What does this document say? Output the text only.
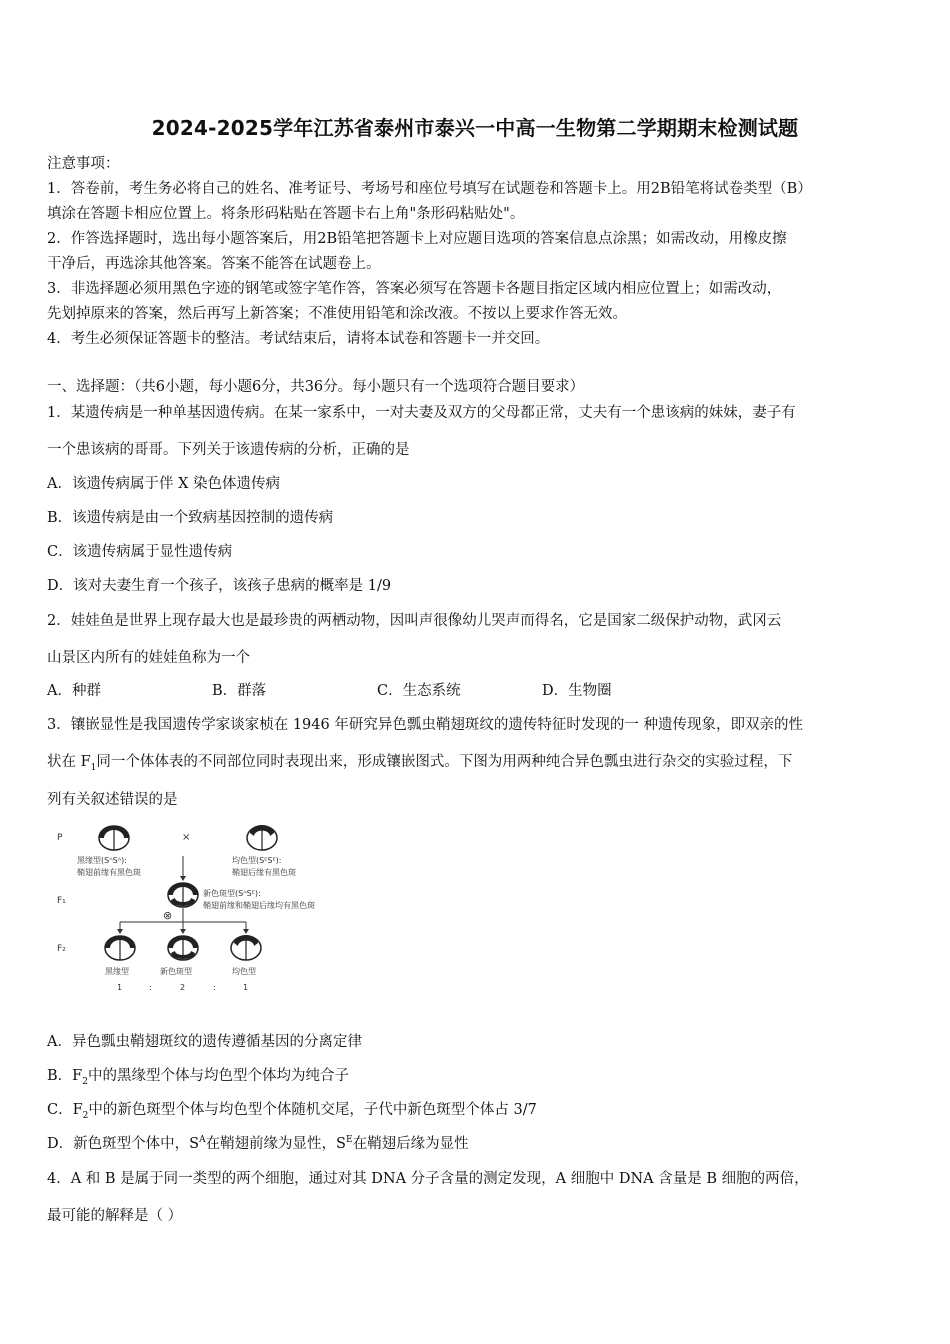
2024-2025学年江苏省泰州市泰兴一中高一生物第二学期期末检测试题
注意事项：
1．答卷前，考生务必将自己的姓名、准考证号、考场号和座位号填写在试题卷和答题卡上。用2B铅笔将试卷类型（B）
填涂在答题卡相应位置上。将条形码粘贴在答题卡右上角"条形码粘贴处"。
2．作答选择题时，选出每小题答案后，用2B铅笔把答题卡上对应题目选项的答案信息点涂黑；如需改动，用橡皮擦
干净后，再选涂其他答案。答案不能答在试题卷上。
3．非选择题必须用黑色字迹的钢笔或签字笔作答，答案必须写在答题卡各题目指定区域内相应位置上；如需改动，
先划掉原来的答案，然后再写上新答案；不准使用铅笔和涂改液。不按以上要求作答无效。
4．考生必须保证答题卡的整洁。考试结束后，请将本试卷和答题卡一并交回。
一、选择题：（共6小题，每小题6分，共36分。每小题只有一个选项符合题目要求）
1．某遗传病是一种单基因遗传病。在某一家系中，一对夫妻及双方的父母都正常，丈夫有一个患该病的妹妹，妻子有
一个患该病的哥哥。下列关于该遗传病的分析，正确的是
A．该遗传病属于伴 X 染色体遗传病
B．该遗传病是由一个致病基因控制的遗传病
C．该遗传病属于显性遗传病
D．该对夫妻生育一个孩子，该孩子患病的概率是 1/9
2．娃娃鱼是世界上现存最大也是最珍贵的两栖动物，因叫声很像幼儿哭声而得名，它是国家二级保护动物，武冈云
山景区内所有的娃娃鱼称为一个
A．种群	B．群落	C．生态系统	D．生物圈
3．镶嵌显性是我国遗传学家谈家桢在 1946 年研究异色瓢虫鞘翅斑纹的遗传特征时发现的一 种遗传现象，即双亲的性
状在 $F_1$同一个体体表的不同部位同时表现出来，形成镶嵌图式。下图为用两种纯合异色瓢虫进行杂交的实验过程，下
列有关叙述错误的是
P
F₁
F₂
×
黑缘型(SᴬSᴬ):
鞘翅前缘有黑色斑
均色型(SᴱSᴱ):
鞘翅后缘有黑色斑
新色斑型(SᴬSᴱ):
鞘翅前缘和鞘翅后缘均有黑色斑
⊗
黑缘型	新色斑型	均色型
1	:	2	:	1
A．异色瓢虫鞘翅斑纹的遗传遵循基因的分离定律
B．$F_2$中的黑缘型个体与均色型个体均为纯合子
C．$F_2$中的新色斑型个体与均色型个体随机交尾，子代中新色斑型个体占 3/7
D．新色斑型个体中，$S^A$在鞘翅前缘为显性，$S^E$在鞘翅后缘为显性
4．A 和 B 是属于同一类型的两个细胞，通过对其 DNA 分子含量的测定发现，A 细胞中 DNA 含量是 B 细胞的两倍，
最可能的解释是（ ）
